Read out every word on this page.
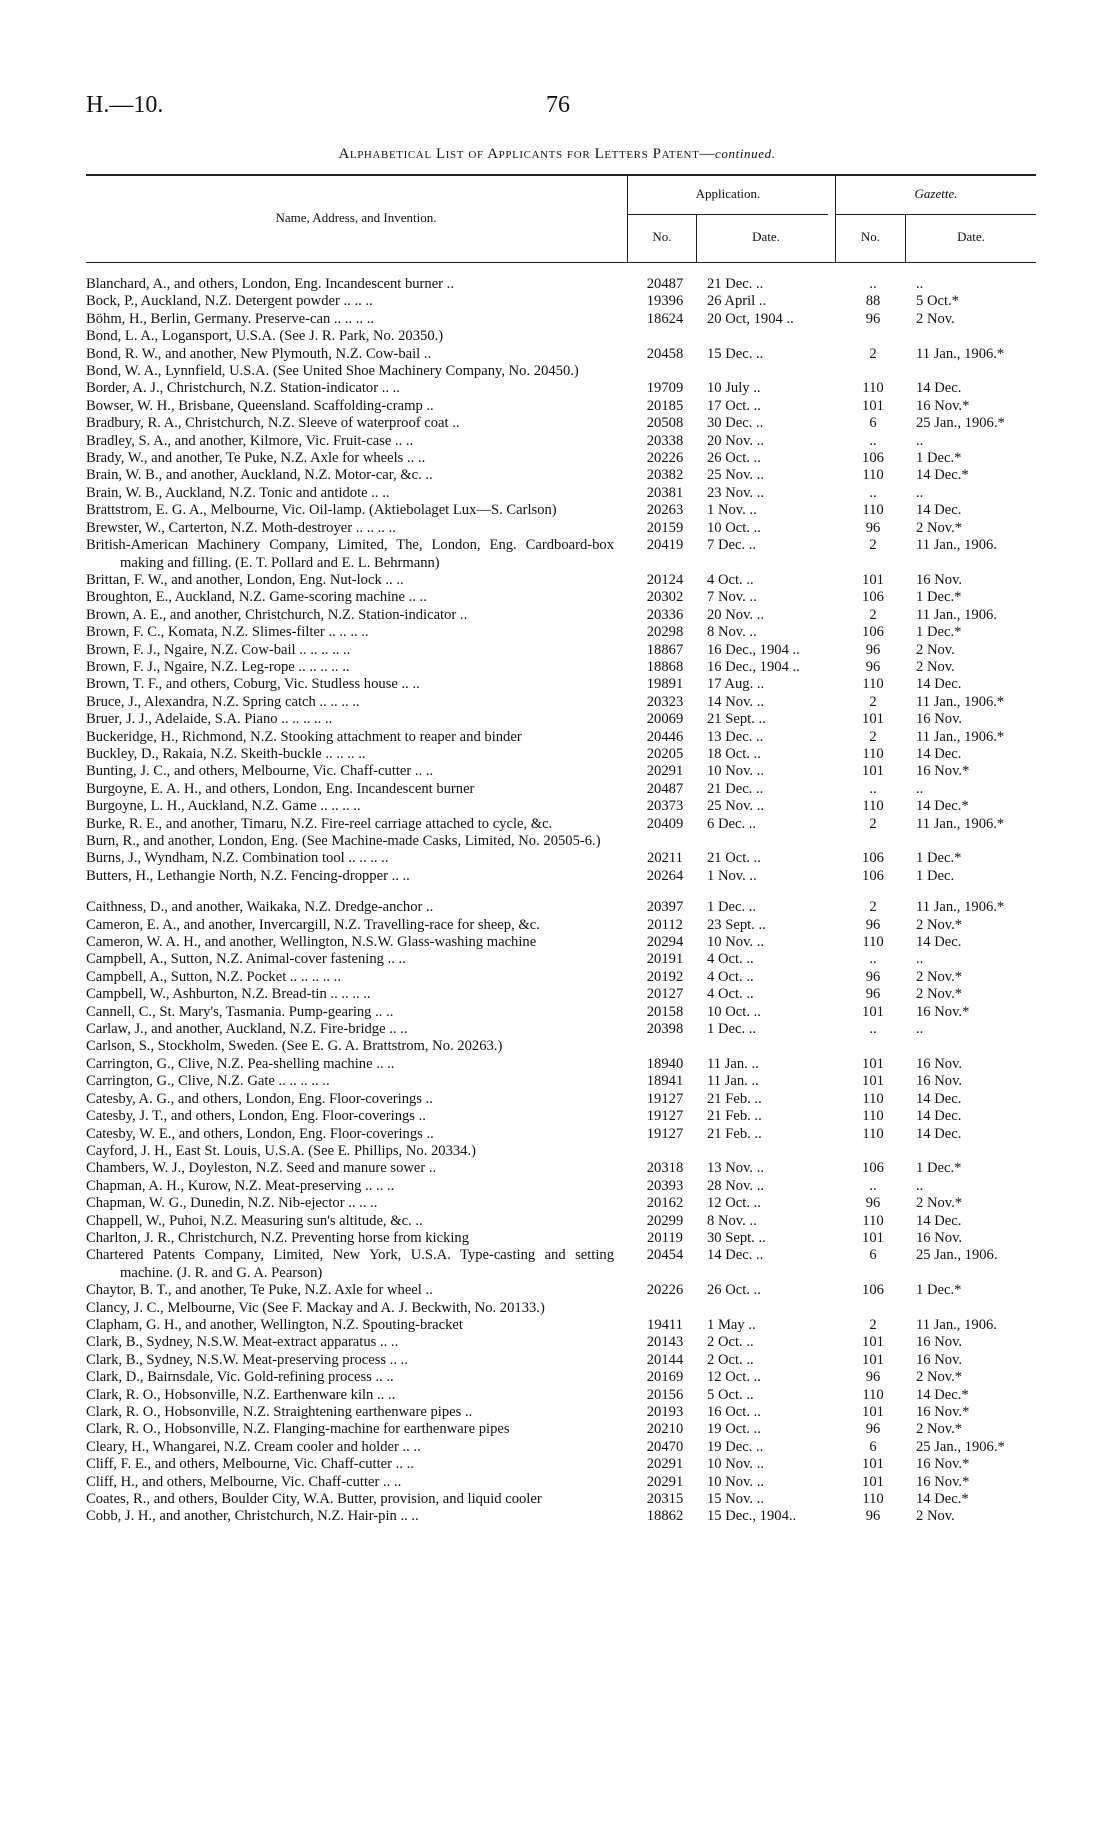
H.—10.	76
Alphabetical List of Applicants for Letters Patent—continued.
Name, Address, and Invention.
Application.	Gazette.
No.	Date.	No.	Date.
Blanchard, A., and others, London, Eng. Incandescent burner ..	20487	21 Dec. ..	..	..
Bock, P., Auckland, N.Z. Detergent powder .. .. ..	19396	26 April ..	88	5 Oct.*
Böhm, H., Berlin, Germany. Preserve-can .. .. .. ..	18624	20 Oct, 1904 ..	96	2 Nov.
Bond, L. A., Logansport, U.S.A. (See J. R. Park, No. 20350.)
Bond, R. W., and another, New Plymouth, N.Z. Cow-bail ..	20458	15 Dec. ..	2	11 Jan., 1906.*
Bond, W. A., Lynnfield, U.S.A. (See United Shoe Machinery Company, No. 20450.)
Border, A. J., Christchurch, N.Z. Station-indicator .. ..	19709	10 July ..	110	14 Dec.
Bowser, W. H., Brisbane, Queensland. Scaffolding-cramp ..	20185	17 Oct. ..	101	16 Nov.*
Bradbury, R. A., Christchurch, N.Z. Sleeve of waterproof coat ..	20508	30 Dec. ..	6	25 Jan., 1906.*
Bradley, S. A., and another, Kilmore, Vic. Fruit-case .. ..	20338	20 Nov. ..	..	..
Brady, W., and another, Te Puke, N.Z. Axle for wheels .. ..	20226	26 Oct. ..	106	1 Dec.*
Brain, W. B., and another, Auckland, N.Z. Motor-car, &c. ..	20382	25 Nov. ..	110	14 Dec.*
Brain, W. B., Auckland, N.Z. Tonic and antidote .. ..	20381	23 Nov. ..	..	..
Brattstrom, E. G. A., Melbourne, Vic. Oil-lamp. (Aktiebolaget Lux—S. Carlson)	20263	1 Nov. ..	110	14 Dec.
Brewster, W., Carterton, N.Z. Moth-destroyer .. .. .. ..	20159	10 Oct. ..	96	2 Nov.*
British-American Machinery Company, Limited, The, London, Eng. Cardboard-box making and filling. (E. T. Pollard and E. L. Behrmann)
20419	7 Dec. ..	2	11 Jan., 1906.
Brittan, F. W., and another, London, Eng. Nut-lock .. ..	20124	4 Oct. ..	101	16 Nov.
Broughton, E., Auckland, N.Z. Game-scoring machine .. ..	20302	7 Nov. ..	106	1 Dec.*
Brown, A. E., and another, Christchurch, N.Z. Station-indicator ..	20336	20 Nov. ..	2	11 Jan., 1906.
Brown, F. C., Komata, N.Z. Slimes-filter .. .. .. ..	20298	8 Nov. ..	106	1 Dec.*
Brown, F. J., Ngaire, N.Z. Cow-bail .. .. .. .. ..	18867	16 Dec., 1904 ..	96	2 Nov.
Brown, F. J., Ngaire, N.Z. Leg-rope .. .. .. .. ..	18868	16 Dec., 1904 ..	96	2 Nov.
Brown, T. F., and others, Coburg, Vic. Studless house .. ..	19891	17 Aug. ..	110	14 Dec.
Bruce, J., Alexandra, N.Z. Spring catch .. .. .. ..	20323	14 Nov. ..	2	11 Jan., 1906.*
Bruer, J. J., Adelaide, S.A. Piano .. .. .. .. ..	20069	21 Sept. ..	101	16 Nov.
Buckeridge, H., Richmond, N.Z. Stooking attachment to reaper and binder	20446	13 Dec. ..	2	11 Jan., 1906.*
Buckley, D., Rakaia, N.Z. Skeith-buckle .. .. .. ..	20205	18 Oct. ..	110	14 Dec.
Bunting, J. C., and others, Melbourne, Vic. Chaff-cutter .. ..	20291	10 Nov. ..	101	16 Nov.*
Burgoyne, E. A. H., and others, London, Eng. Incandescent burner	20487	21 Dec. ..	..	..
Burgoyne, L. H., Auckland, N.Z. Game .. .. .. ..	20373	25 Nov. ..	110	14 Dec.*
Burke, R. E., and another, Timaru, N.Z. Fire-reel carriage attached to cycle, &c.	20409	6 Dec. ..	2	11 Jan., 1906.*
Burn, R., and another, London, Eng. (See Machine-made Casks, Limited, No. 20505-6.)
Burns, J., Wyndham, N.Z. Combination tool .. .. .. ..	20211	21 Oct. ..	106	1 Dec.*
Butters, H., Lethangie North, N.Z. Fencing-dropper .. ..	20264	1 Nov. ..	106	1 Dec.
Caithness, D., and another, Waikaka, N.Z. Dredge-anchor ..	20397	1 Dec. ..	2	11 Jan., 1906.*
Cameron, E. A., and another, Invercargill, N.Z. Travelling-race for sheep, &c.	20112	23 Sept. ..	96	2 Nov.*
Cameron, W. A. H., and another, Wellington, N.S.W. Glass-washing machine	20294	10 Nov. ..	110	14 Dec.
Campbell, A., Sutton, N.Z. Animal-cover fastening .. ..	20191	4 Oct. ..	..	..
Campbell, A., Sutton, N.Z. Pocket .. .. .. .. ..	20192	4 Oct. ..	96	2 Nov.*
Campbell, W., Ashburton, N.Z. Bread-tin .. .. .. ..	20127	4 Oct. ..	96	2 Nov.*
Cannell, C., St. Mary's, Tasmania. Pump-gearing .. ..	20158	10 Oct. ..	101	16 Nov.*
Carlaw, J., and another, Auckland, N.Z. Fire-bridge .. ..	20398	1 Dec. ..	..	..
Carlson, S., Stockholm, Sweden. (See E. G. A. Brattstrom, No. 20263.)
Carrington, G., Clive, N.Z. Pea-shelling machine .. ..	18940	11 Jan. ..	101	16 Nov.
Carrington, G., Clive, N.Z. Gate .. .. .. .. ..	18941	11 Jan. ..	101	16 Nov.
Catesby, A. G., and others, London, Eng. Floor-coverings ..	19127	21 Feb. ..	110	14 Dec.
Catesby, J. T., and others, London, Eng. Floor-coverings ..	19127	21 Feb. ..	110	14 Dec.
Catesby, W. E., and others, London, Eng. Floor-coverings ..	19127	21 Feb. ..	110	14 Dec.
Cayford, J. H., East St. Louis, U.S.A. (See E. Phillips, No. 20334.)
Chambers, W. J., Doyleston, N.Z. Seed and manure sower ..	20318	13 Nov. ..	106	1 Dec.*
Chapman, A. H., Kurow, N.Z. Meat-preserving .. .. ..	20393	28 Nov. ..	..	..
Chapman, W. G., Dunedin, N.Z. Nib-ejector .. .. ..	20162	12 Oct. ..	96	2 Nov.*
Chappell, W., Puhoi, N.Z. Measuring sun's altitude, &c. ..	20299	8 Nov. ..	110	14 Dec.
Charlton, J. R., Christchurch, N.Z. Preventing horse from kicking	20119	30 Sept. ..	101	16 Nov.
Chartered Patents Company, Limited, New York, U.S.A. Type-casting and setting machine. (J. R. and G. A. Pearson)
20454	14 Dec. ..	6	25 Jan., 1906.
Chaytor, B. T., and another, Te Puke, N.Z. Axle for wheel ..	20226	26 Oct. ..	106	1 Dec.*
Clancy, J. C., Melbourne, Vic (See F. Mackay and A. J. Beckwith, No. 20133.)
Clapham, G. H., and another, Wellington, N.Z. Spouting-bracket	19411	1 May ..	2	11 Jan., 1906.
Clark, B., Sydney, N.S.W. Meat-extract apparatus .. ..	20143	2 Oct. ..	101	16 Nov.
Clark, B., Sydney, N.S.W. Meat-preserving process .. ..	20144	2 Oct. ..	101	16 Nov.
Clark, D., Bairnsdale, Vic. Gold-refining process .. ..	20169	12 Oct. ..	96	2 Nov.*
Clark, R. O., Hobsonville, N.Z. Earthenware kiln .. ..	20156	5 Oct. ..	110	14 Dec.*
Clark, R. O., Hobsonville, N.Z. Straightening earthenware pipes ..	20193	16 Oct. ..	101	16 Nov.*
Clark, R. O., Hobsonville, N.Z. Flanging-machine for earthenware pipes	20210	19 Oct. ..	96	2 Nov.*
Cleary, H., Whangarei, N.Z. Cream cooler and holder .. ..	20470	19 Dec. ..	6	25 Jan., 1906.*
Cliff, F. E., and others, Melbourne, Vic. Chaff-cutter .. ..	20291	10 Nov. ..	101	16 Nov.*
Cliff, H., and others, Melbourne, Vic. Chaff-cutter .. ..	20291	10 Nov. ..	101	16 Nov.*
Coates, R., and others, Boulder City, W.A. Butter, provision, and liquid cooler	20315	15 Nov. ..	110	14 Dec.*
Cobb, J. H., and another, Christchurch, N.Z. Hair-pin .. ..	18862	15 Dec., 1904..	96	2 Nov.
